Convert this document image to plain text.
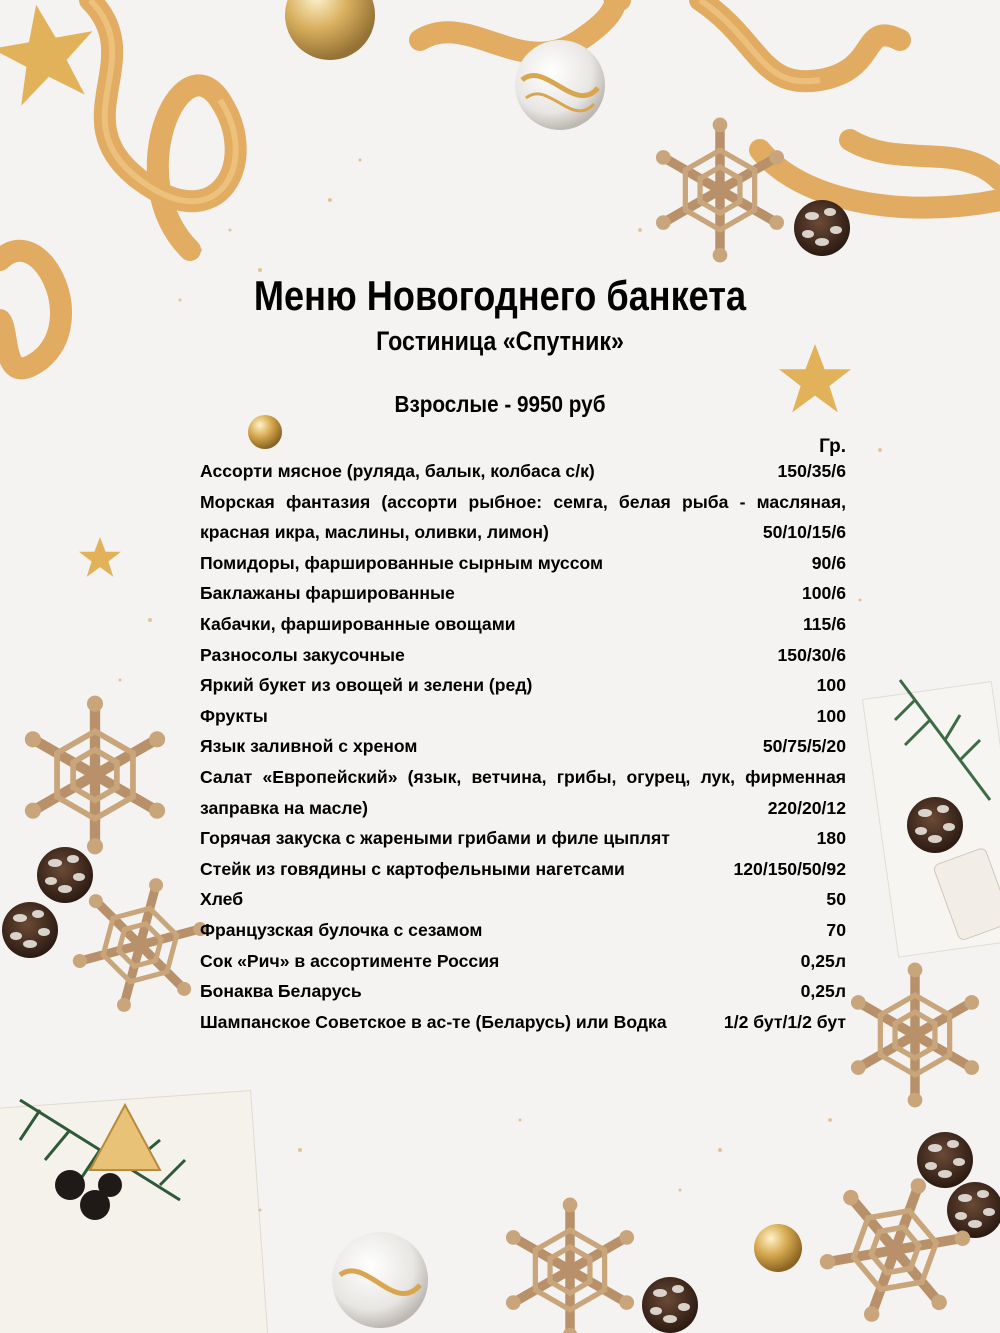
Меню Новогоднего банкета
Гостиница «Спутник»
Взрослые - 9950 руб
Гр.
Ассорти мясное (руляда, балык, колбаса с/к)	150/35/6
Морская фантазия (ассорти рыбное: семга, белая рыба - масляная,
красная икра, маслины, оливки, лимон)	50/10/15/6
Помидоры, фаршированные сырным муссом	90/6
Баклажаны фаршированные	100/6
Кабачки, фаршированные овощами	115/6
Разносолы закусочные	150/30/6
Яркий букет из овощей и зелени (ред)	100
Фрукты	100
Язык заливной с хреном	50/75/5/20
Салат «Европейский» (язык, ветчина, грибы, огурец, лук, фирменная
заправка на масле)	220/20/12
Горячая закуска с жареными грибами и филе цыплят	180
Стейк из говядины с картофельными нагетсами	120/150/50/92
Хлеб	50
Французская булочка с сезамом	70
Сок «Рич» в ассортименте Россия	0,25л
Бонаква Беларусь	0,25л
Шампанское Советское в ас-те (Беларусь) или Водка	1/2 бут/1/2 бут
